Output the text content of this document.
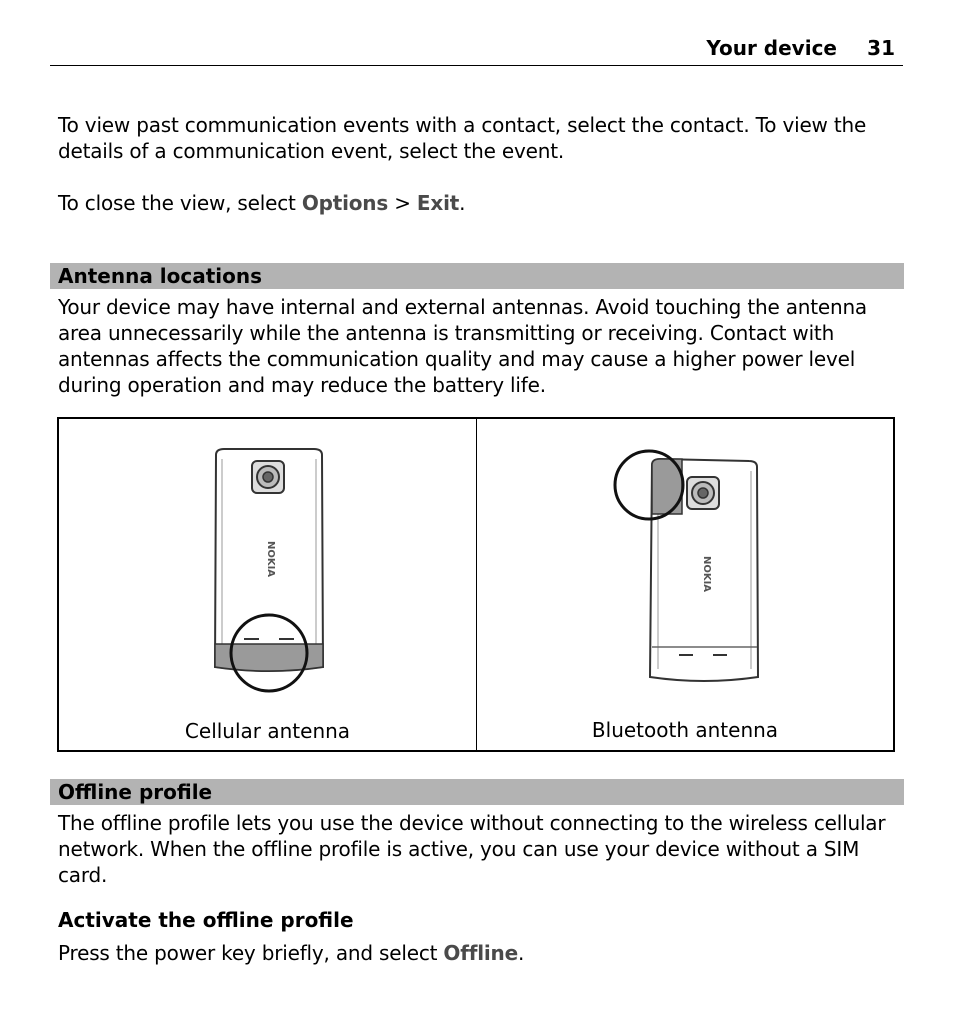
Your device 31
To view past communication events with a contact, select the contact. To view the details of a communication event, select the event.
To close the view, select Options > Exit.
Antenna locations
Your device may have internal and external antennas. Avoid touching the antenna area unnecessarily while the antenna is transmitting or receiving. Contact with antennas affects the communication quality and may cause a higher power level during operation and may reduce the battery life.
NOKIA
Cellular antenna
NOKIA
Bluetooth antenna
Offline profile
The offline profile lets you use the device without connecting to the wireless cellular network. When the offline profile is active, you can use your device without a SIM card.
Activate the offline profile
Press the power key briefly, and select Offline.
